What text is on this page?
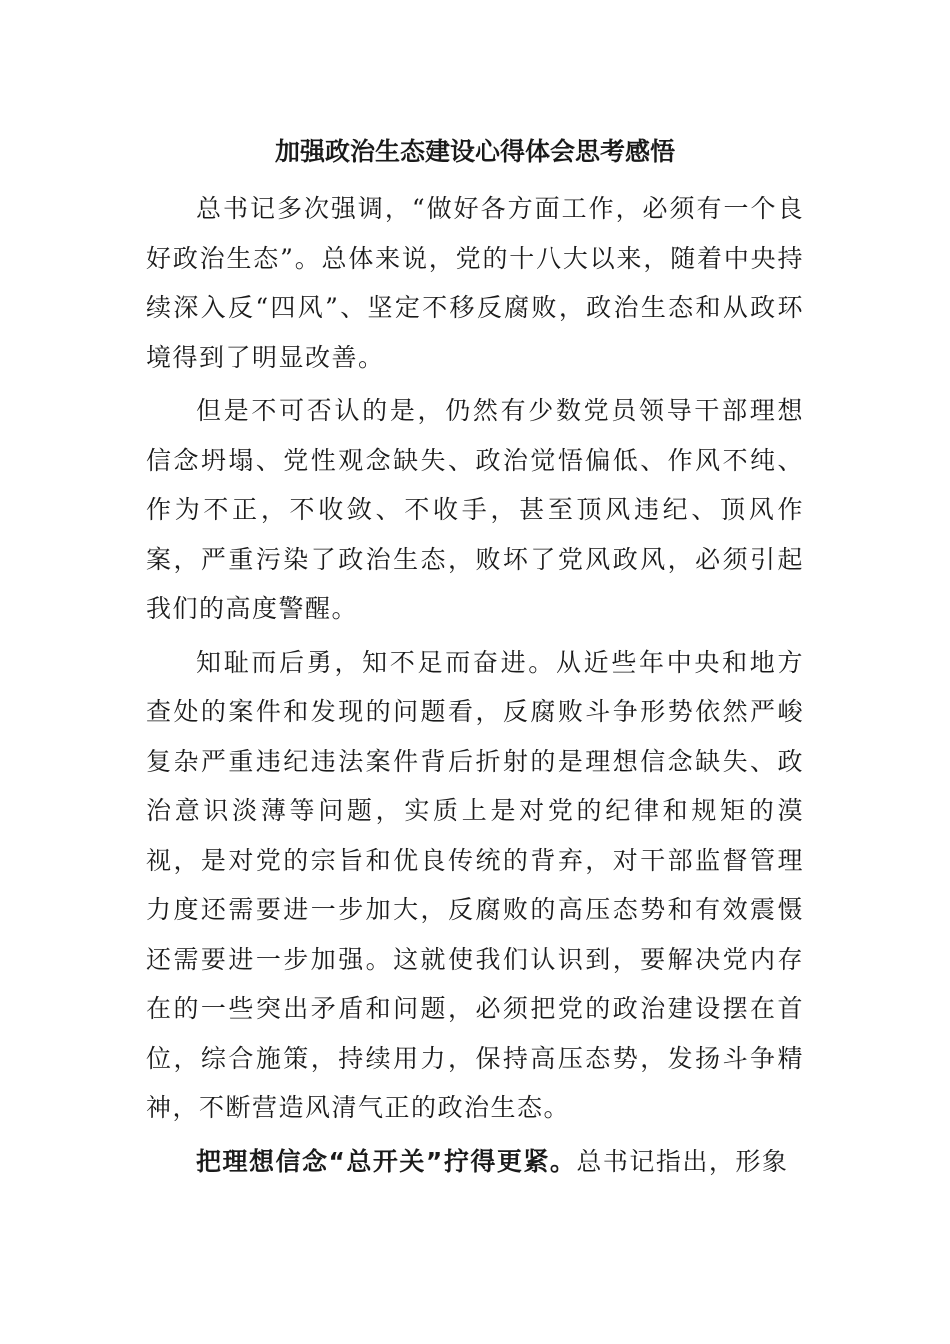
加强政治生态建设心得体会思考感悟

总书记多次强调，“做好各方面工作，必须有一个良好政治生态”。总体来说，党的十八大以来，随着中央持续深入反“四风”、坚定不移反腐败，政治生态和从政环境得到了明显改善。

但是不可否认的是，仍然有少数党员领导干部理想信念坍塌、党性观念缺失、政治觉悟偏低、作风不纯、作为不正，不收敛、不收手，甚至顶风违纪、顶风作案，严重污染了政治生态，败坏了党风政风，必须引起我们的高度警醒。

知耻而后勇，知不足而奋进。从近些年中央和地方查处的案件和发现的问题看，反腐败斗争形势依然严峻复杂严重违纪违法案件背后折射的是理想信念缺失、政治意识淡薄等问题，实质上是对党的纪律和规矩的漠视，是对党的宗旨和优良传统的背弃，对干部监督管理力度还需要进一步加大，反腐败的高压态势和有效震慑还需要进一步加强。这就使我们认识到，要解决党内存在的一些突出矛盾和问题，必须把党的政治建设摆在首位，综合施策，持续用力，保持高压态势，发扬斗争精神，不断营造风清气正的政治生态。

把理想信念“总开关”拧得更紧。总书记指出，形象
